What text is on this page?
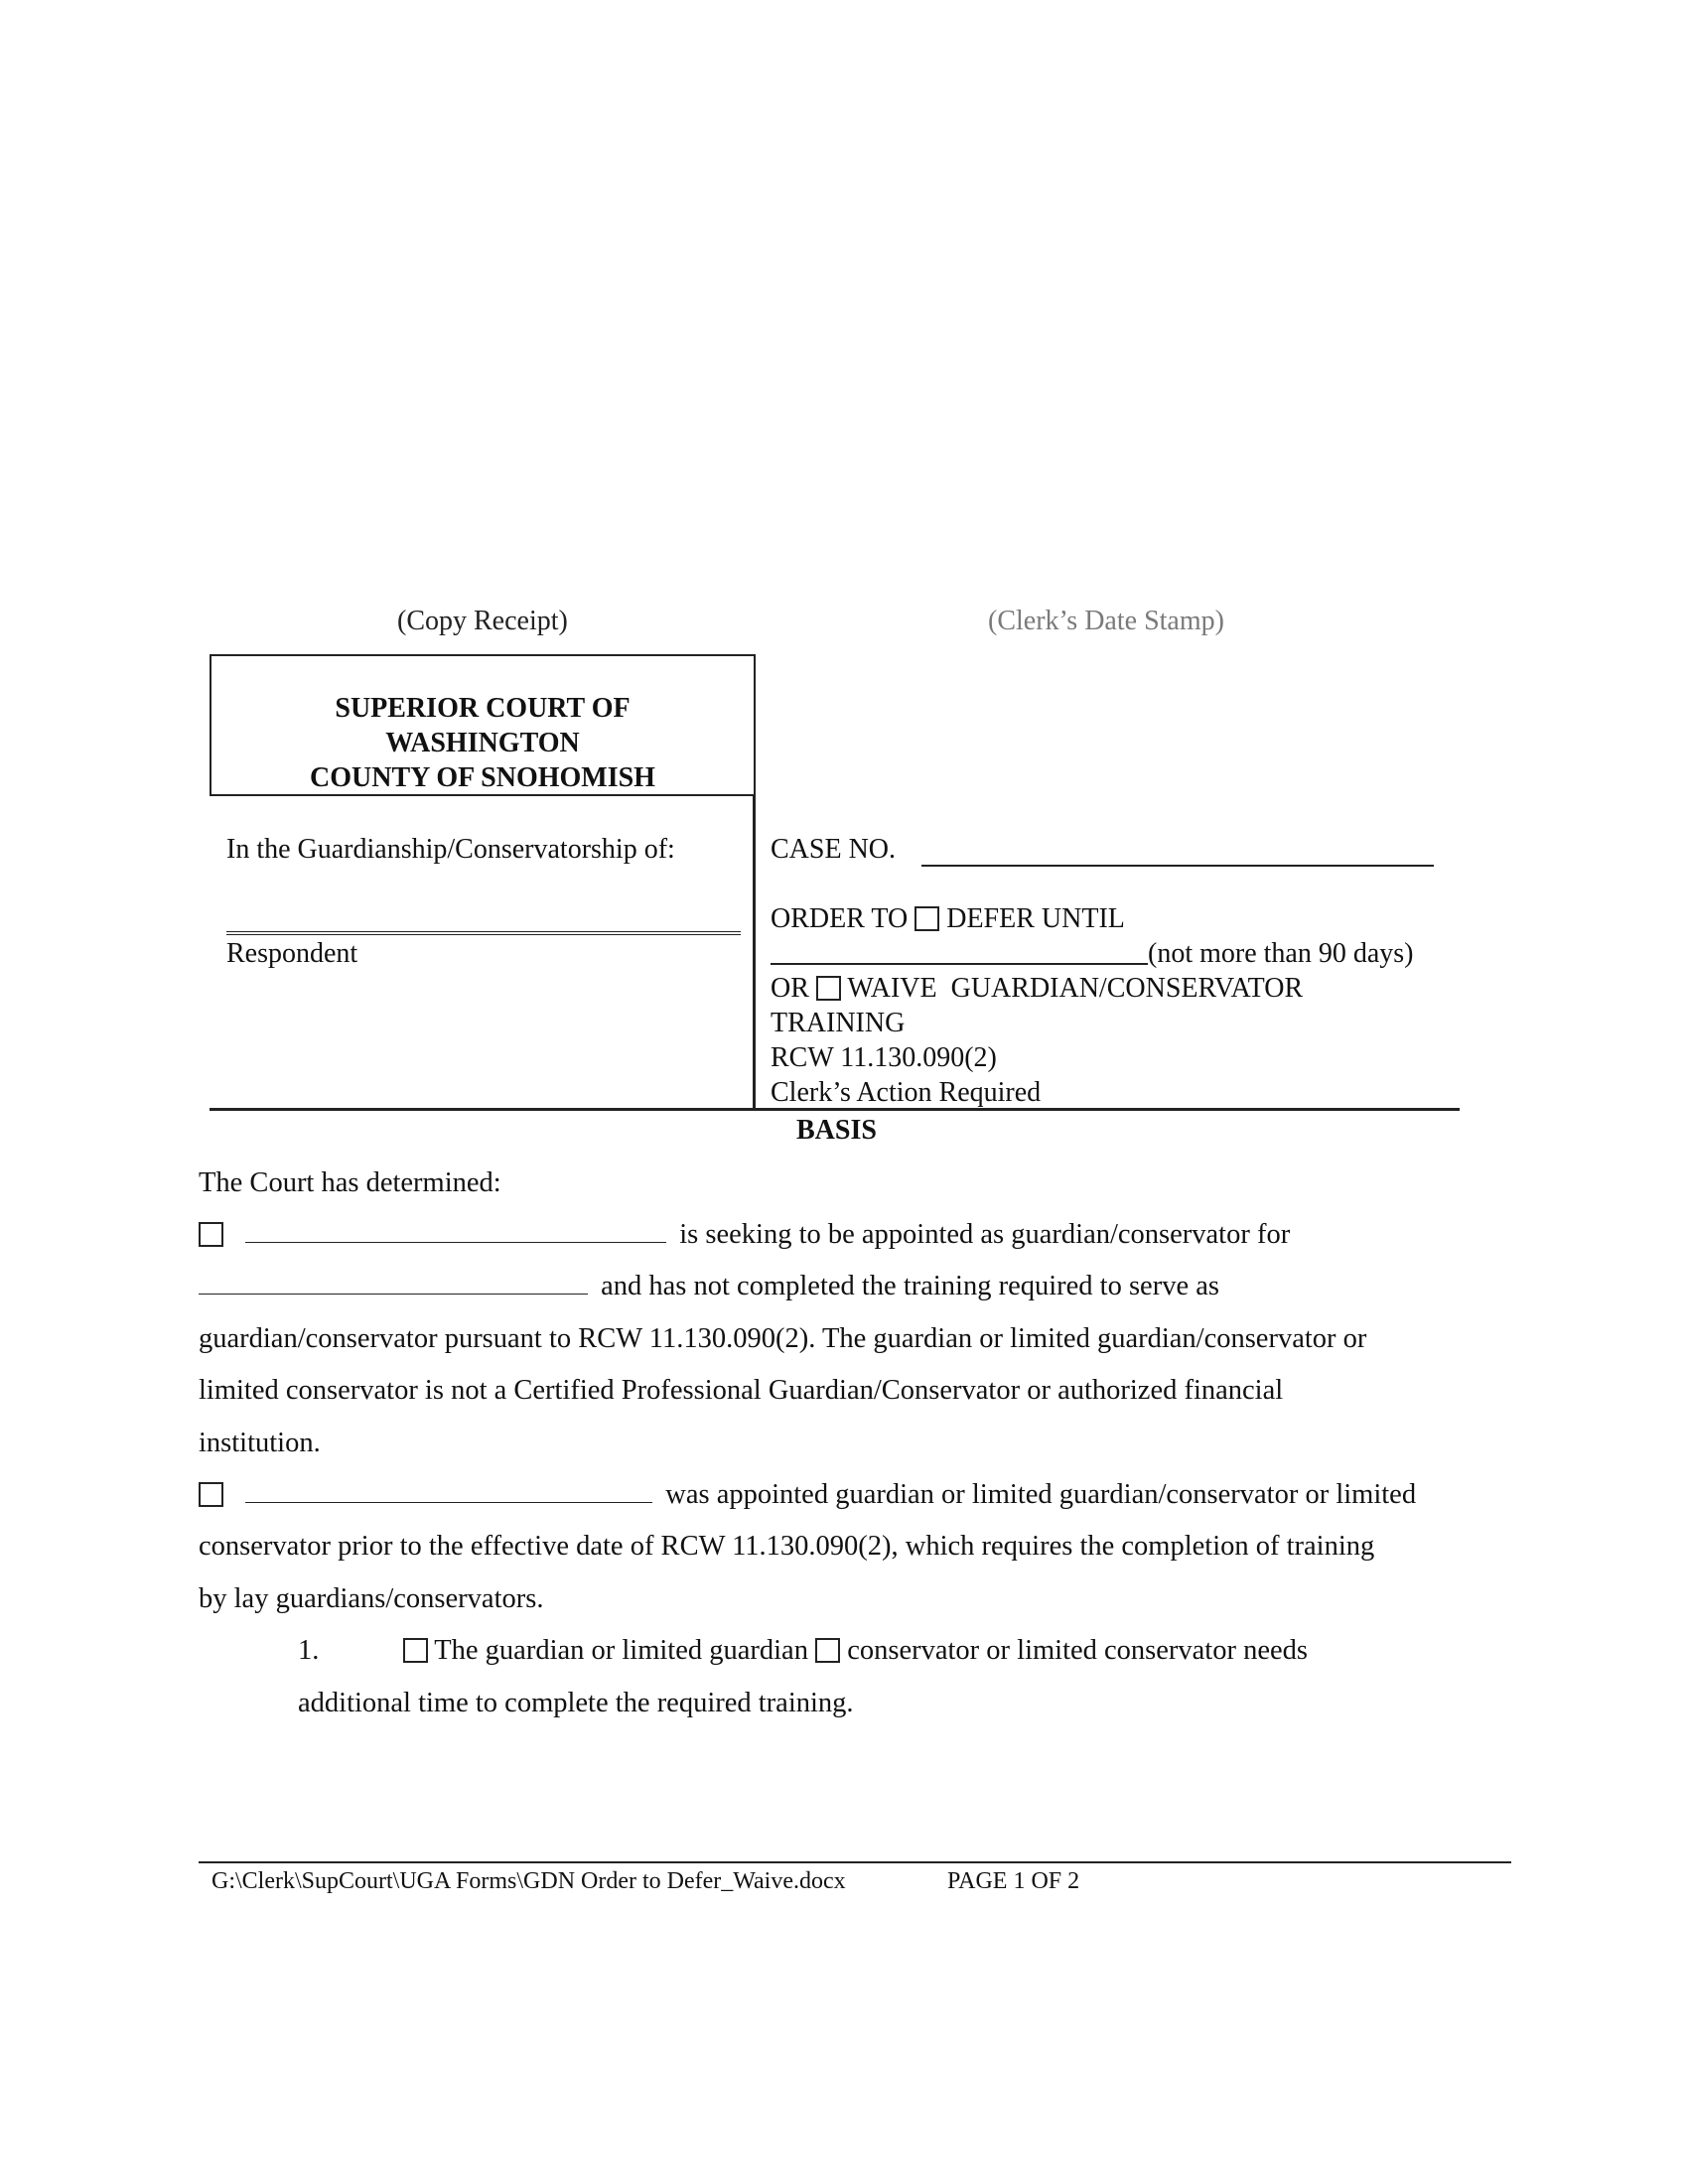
(Copy Receipt)	(Clerk’s Date Stamp)
SUPERIOR COURT OF
WASHINGTON
COUNTY OF SNOHOMISH
In the Guardianship/Conservatorship of:
Respondent
CASE NO.
ORDER TO DEFER UNTIL
(not more than 90 days)
OR WAIVE  GUARDIAN/CONSERVATOR
TRAINING
RCW 11.130.090(2)
Clerk’s Action Required
BASIS
The Court has determined:
is seeking to be appointed as guardian/conservator for
and has not completed the training required to serve as
guardian/conservator pursuant to RCW 11.130.090(2). The guardian or limited guardian/conservator or
limited conservator is not a Certified Professional Guardian/Conservator or authorized financial
institution.
was appointed guardian or limited guardian/conservator or limited
conservator prior to the effective date of RCW 11.130.090(2), which requires the completion of training
by lay guardians/conservators.
1.	The guardian or limited guardian conservator or limited conservator needs
additional time to complete the required training.
G:\Clerk\SupCourt\UGA Forms\GDN Order to Defer_Waive.docx	PAGE 1 OF 2
